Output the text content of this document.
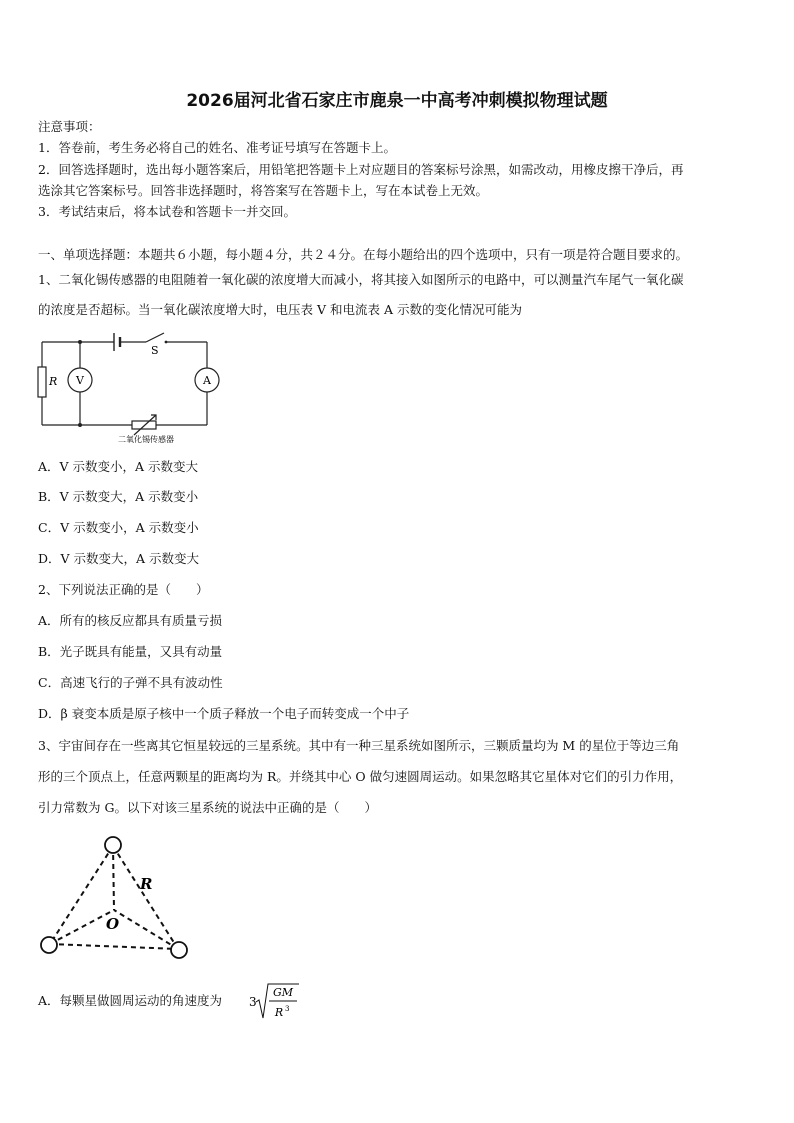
2026届河北省石家庄市鹿泉一中高考冲刺模拟物理试题
注意事项：
1．答卷前，考生务必将自己的姓名、准考证号填写在答题卡上。
2．回答选择题时，选出每小题答案后，用铅笔把答题卡上对应题目的答案标号涂黑，如需改动，用橡皮擦干净后，再
选涂其它答案标号。回答非选择题时，将答案写在答题卡上，写在本试卷上无效。
3．考试结束后，将本试卷和答题卡一并交回。
一、单项选择题：本题共６小题，每小题４分，共２４分。在每小题给出的四个选项中，只有一项是符合题目要求的。
1、二氧化锡传感器的电阻随着一氧化碳的浓度增大而减小，将其接入如图所示的电路中，可以测量汽车尾气一氧化碳
的浓度是否超标。当一氧化碳浓度增大时，电压表 V 和电流表 A 示数的变化情况可能为
S
R V	A
二氧化锡传感器
A．V 示数变小，A 示数变大
B．V 示数变大，A 示数变小
C．V 示数变小，A 示数变小
D．V 示数变大，A 示数变大
2、下列说法正确的是（　　）
A．所有的核反应都具有质量亏损
B．光子既具有能量，又具有动量
C．高速飞行的子弹不具有波动性
D．β 衰变本质是原子核中一个质子释放一个电子而转变成一个中子
3、宇宙间存在一些离其它恒星较远的三星系统。其中有一种三星系统如图所示，三颗质量均为 M 的星位于等边三角
形的三个顶点上，任意两颗星的距离均为 R。并绕其中心 O 做匀速圆周运动。如果忽略其它星体对它们的引力作用，
引力常数为 G。以下对该三星系统的说法中正确的是（　　）
R
O
A．每颗星做圆周运动的角速度为 3
GM
R 3
